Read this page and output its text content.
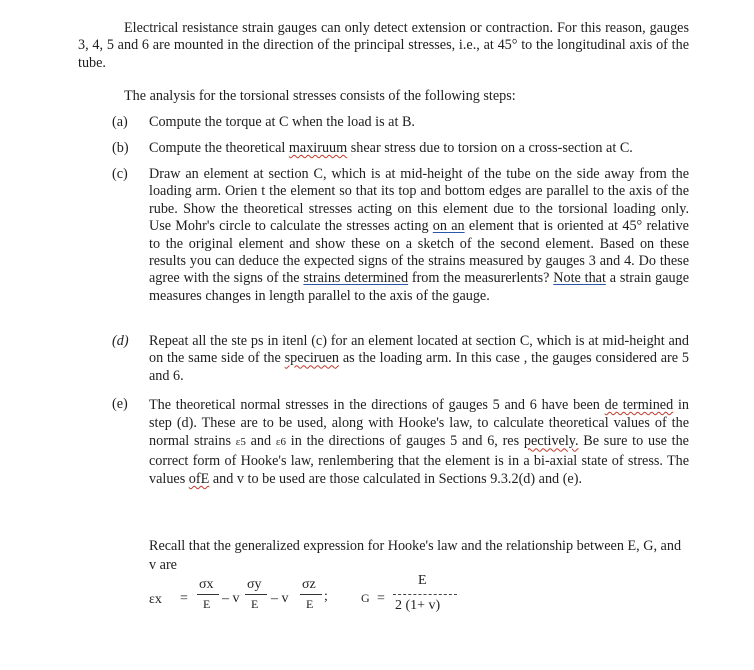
Electrical resistance strain gauges can only detect extension or contraction. For this reason, gauges 3, 4, 5 and 6 are mounted in the direction of the principal stresses, i.e., at 45° to the longitudinal axis of the tube.

The analysis for the torsional stresses consists of the following steps:

(a)	Compute the torque at C when the load is at B.
(b)	Compute the theoretical maxiruum shear stress due to torsion on a cross-section at C.
(c)	Draw an element at section C, which is at mid-height of the tube on the side away from the loading arm. Orien t the element so that its top and bottom edges are parallel to the axis of the rube. Show the theoretical stresses acting on this element due to the torsional loading only. Use Mohr's circle to calculate the stresses acting on an element that is oriented at 45° relative to the original element and show these on a sketch of the second element. Based on these results you can deduce the expected signs of the strains measured by gauges 3 and 4. Do these agree with the signs of the strains determined from the measurerlents? Note that a strain gauge measures changes in length parallel to the axis of the gauge.
(d)	Repeat all the ste ps in itenl (c) for an element located at section C, which is at mid-height and on the same side of the speciruen as the loading arm. In this case , the gauges considered are 5 and 6.
(e)	The theoretical normal stresses in the directions of gauges 5 and 6 have been de termined in step (d). These are to be used, along with Hooke's law, to calculate theoretical values of the normal strains ε5 and ε6 in the directions of gauges 5 and 6, res pectively. Be sure to use the correct form of Hooke's law, renlembering that the element is in a bi-axial state of stress. The values ofE and v to be used are those calculated in Sections 9.3.2(d) and (e).

Recall that the generalized expression for Hooke's law and the relationship between E, G, and v are

εx =
σx
E – v
σy
E – v
σz
E ;	G =
E
2 (1+ v)
